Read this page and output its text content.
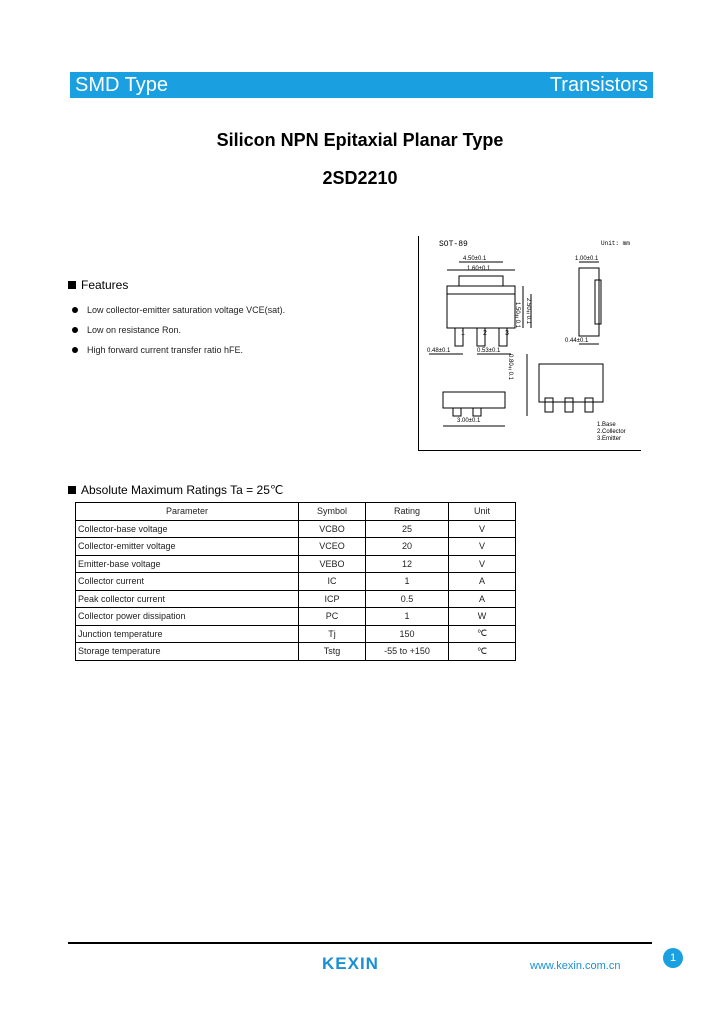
SMD Type	Transistors
Silicon NPN Epitaxial Planar Type
2SD2210
SOT-89	Unit: mm
4.50±0.1
1.60±0.1
1.50±0.1 2.50±0.1
0.48±0.1	0.53±0.1
1.00±0.1
0.44±0.1
0.80±0.1
3.00±0.1
1	2	3
1.Base
2.Collector
3.Emitter
Features
Low collector-emitter saturation voltage VCE(sat).
Low on resistance Ron.
High forward current transfer ratio hFE.
Absolute Maximum Ratings Ta = 25℃
Parameter	Symbol	Rating	Unit
Collector-base voltage	VCBO	25	V
Collector-emitter voltage	VCEO	20	V
Emitter-base voltage	VEBO	12	V
Collector current	IC	1	A
Peak collector current	ICP	0.5	A
Collector power dissipation	PC	1	W
Junction temperature	Tj	150	℃
Storage temperature	Tstg	-55 to +150	℃
KEXIN	www.kexin.com.cn
1
